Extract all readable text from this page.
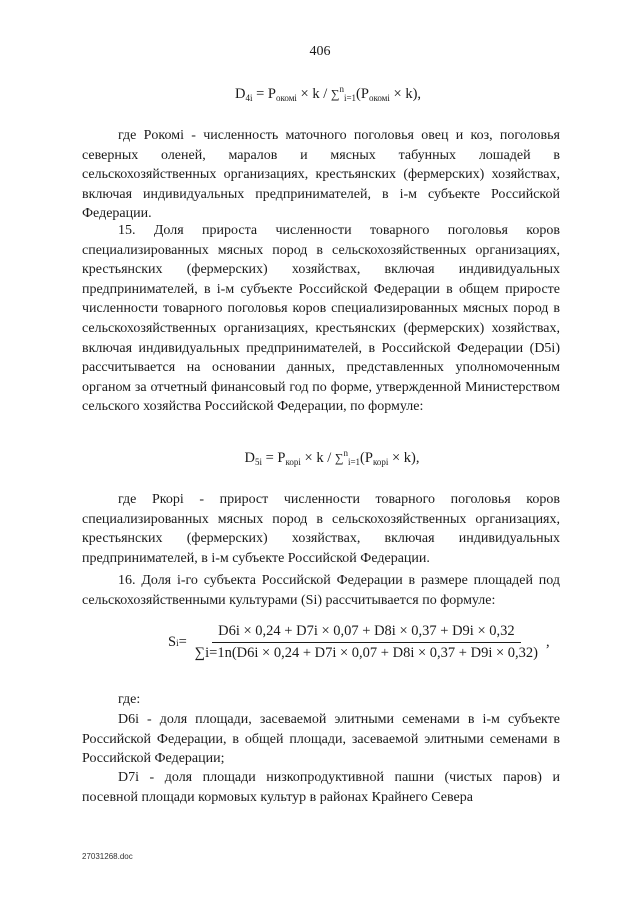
406
$D_{4i} = P_{окомi} \times k / \sum^n_{i=1}(P_{окомi} \times k)$,
где Pокомi - численность маточного поголовья овец и коз, поголовья северных оленей, маралов и мясных табунных лошадей в сельскохозяйственных организациях, крестьянских (фермерских) хозяйствах, включая индивидуальных предпринимателей, в i-м субъекте Российской Федерации.
15. Доля прироста численности товарного поголовья коров специализированных мясных пород в сельскохозяйственных организациях, крестьянских (фермерских) хозяйствах, включая индивидуальных предпринимателей, в i-м субъекте Российской Федерации в общем приросте численности товарного поголовья коров специализированных мясных пород в сельскохозяйственных организациях, крестьянских (фермерских) хозяйствах, включая индивидуальных предпринимателей, в Российской Федерации (D5i) рассчитывается на основании данных, представленных уполномоченным органом за отчетный финансовый год по форме, утвержденной Министерством сельского хозяйства Российской Федерации, по формуле:
$D_{5i} = P_{корi} \times k / \sum^n_{i=1}(P_{корi} \times k)$,
где Pкорi - прирост численности товарного поголовья коров специализированных мясных пород в сельскохозяйственных организациях, крестьянских (фермерских) хозяйствах, включая индивидуальных предпринимателей, в i-м субъекте Российской Федерации.
16. Доля i-го субъекта Российской Федерации в размере площадей под сельскохозяйственными культурами (Si) рассчитывается по формуле:
S $i = \frac{D6i \times 0,24 + D7i \times 0,07 + D8i \times 0,37 + D9i \times 0,32}{\sum i=1n(D6i \times 0,24 + D7i \times 0,07 + D8i \times 0,37 + D9i \times 0,32)}$ ,
где:
D6i - доля площади, засеваемой элитными семенами в i-м субъекте Российской Федерации, в общей площади, засеваемой элитными семенами в Российской Федерации;
D7i - доля площади низкопродуктивной пашни (чистых паров) и посевной площади кормовых культур в районах Крайнего Севера
27031268.doc
